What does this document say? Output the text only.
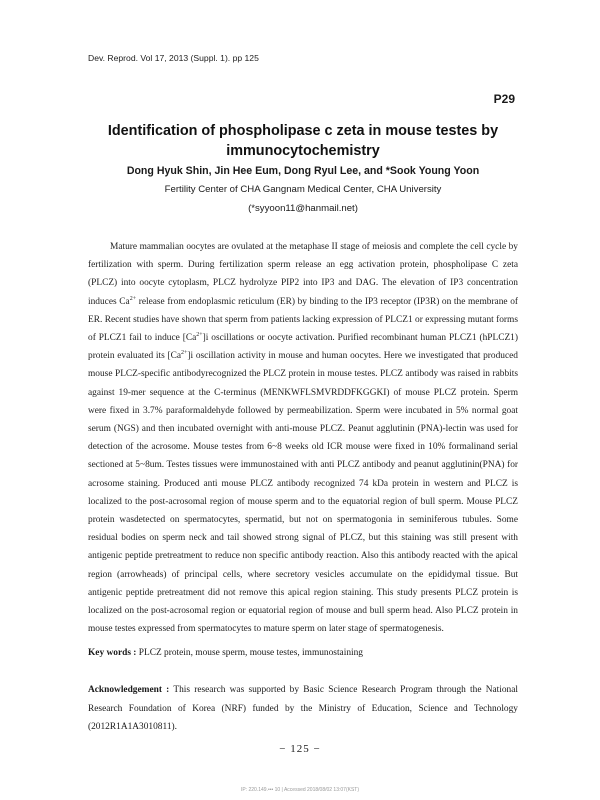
Dev. Reprod. Vol 17, 2013 (Suppl. 1). pp 125
P29
Identification of phospholipase c zeta in mouse testes by immunocytochemistry
Dong Hyuk Shin, Jin Hee Eum, Dong Ryul Lee, and *Sook Young Yoon
Fertility Center of CHA Gangnam Medical Center, CHA University
(*syyoon11@hanmail.net)
Mature mammalian oocytes are ovulated at the metaphase II stage of meiosis and complete the cell cycle by fertilization with sperm. During fertilization sperm release an egg activation protein, phospholipase C zeta (PLCZ) into oocyte cytoplasm, PLCZ hydrolyze PIP2 into IP3 and DAG. The elevation of IP3 concentration induces $Ca^{2+}$ release from endoplasmic reticulum (ER) by binding to the IP3 receptor (IP3R) on the membrane of ER. Recent studies have shown that sperm from patients lacking expression of PLCZ1 or expressing mutant forms of PLCZ1 fail to induce $[Ca^{2+}]i$ oscillations or oocyte activation. Purified recombinant human PLCZ1 (hPLCZ1) protein evaluated its $[Ca^{2+}]i$ oscillation activity in mouse and human oocytes. Here we investigated that produced mouse PLCZ-specific antibodyrecognized the PLCZ protein in mouse testes. PLCZ antibody was raised in rabbits against 19-mer sequence at the C-terminus (MENKWFLSMVRDDFKGGKI) of mouse PLCZ protein. Sperm were fixed in 3.7% paraformaldehyde followed by permeabilization. Sperm were incubated in 5% normal goat serum (NGS) and then incubated overnight with anti-mouse PLCZ. Peanut agglutinin (PNA)-lectin was used for detection of the acrosome. Mouse testes from 6~8 weeks old ICR mouse were fixed in 10% formalinand serial sectioned at 5~8um. Testes tissues were immunostained with anti PLCZ antibody and peanut agglutinin(PNA) for acrosome staining. Produced anti mouse PLCZ antibody recognized 74 kDa protein in western and PLCZ is localized to the post-acrosomal region of mouse sperm and to the equatorial region of bull sperm. Mouse PLCZ protein wasdetected on spermatocytes, spermatid, but not on spermatogonia in seminiferous tubules. Some residual bodies on sperm neck and tail showed strong signal of PLCZ, but this staining was still present with antigenic peptide pretreatment to reduce non specific antibody reaction. Also this antibody reacted with the apical region (arrowheads) of principal cells, where secretory vesicles accumulate on the epididymal tissue. But antigenic peptide pretreatment did not remove this apical region staining. This study presents PLCZ protein is localized on the post-acrosomal region or equatorial region of mouse and bull sperm head. Also PLCZ protein in mouse testes expressed from spermatocytes to mature sperm on later stage of spermatogenesis.
Key words : PLCZ protein, mouse sperm, mouse testes, immunostaining
Acknowledgement : This research was supported by Basic Science Research Program through the National Research Foundation of Korea (NRF) funded by the Ministry of Education, Science and Technology (2012R1A1A3010811).
− 125 −
IP: 220.149.••• 10 | Accessed 2018/08/02 13:07(KST)
